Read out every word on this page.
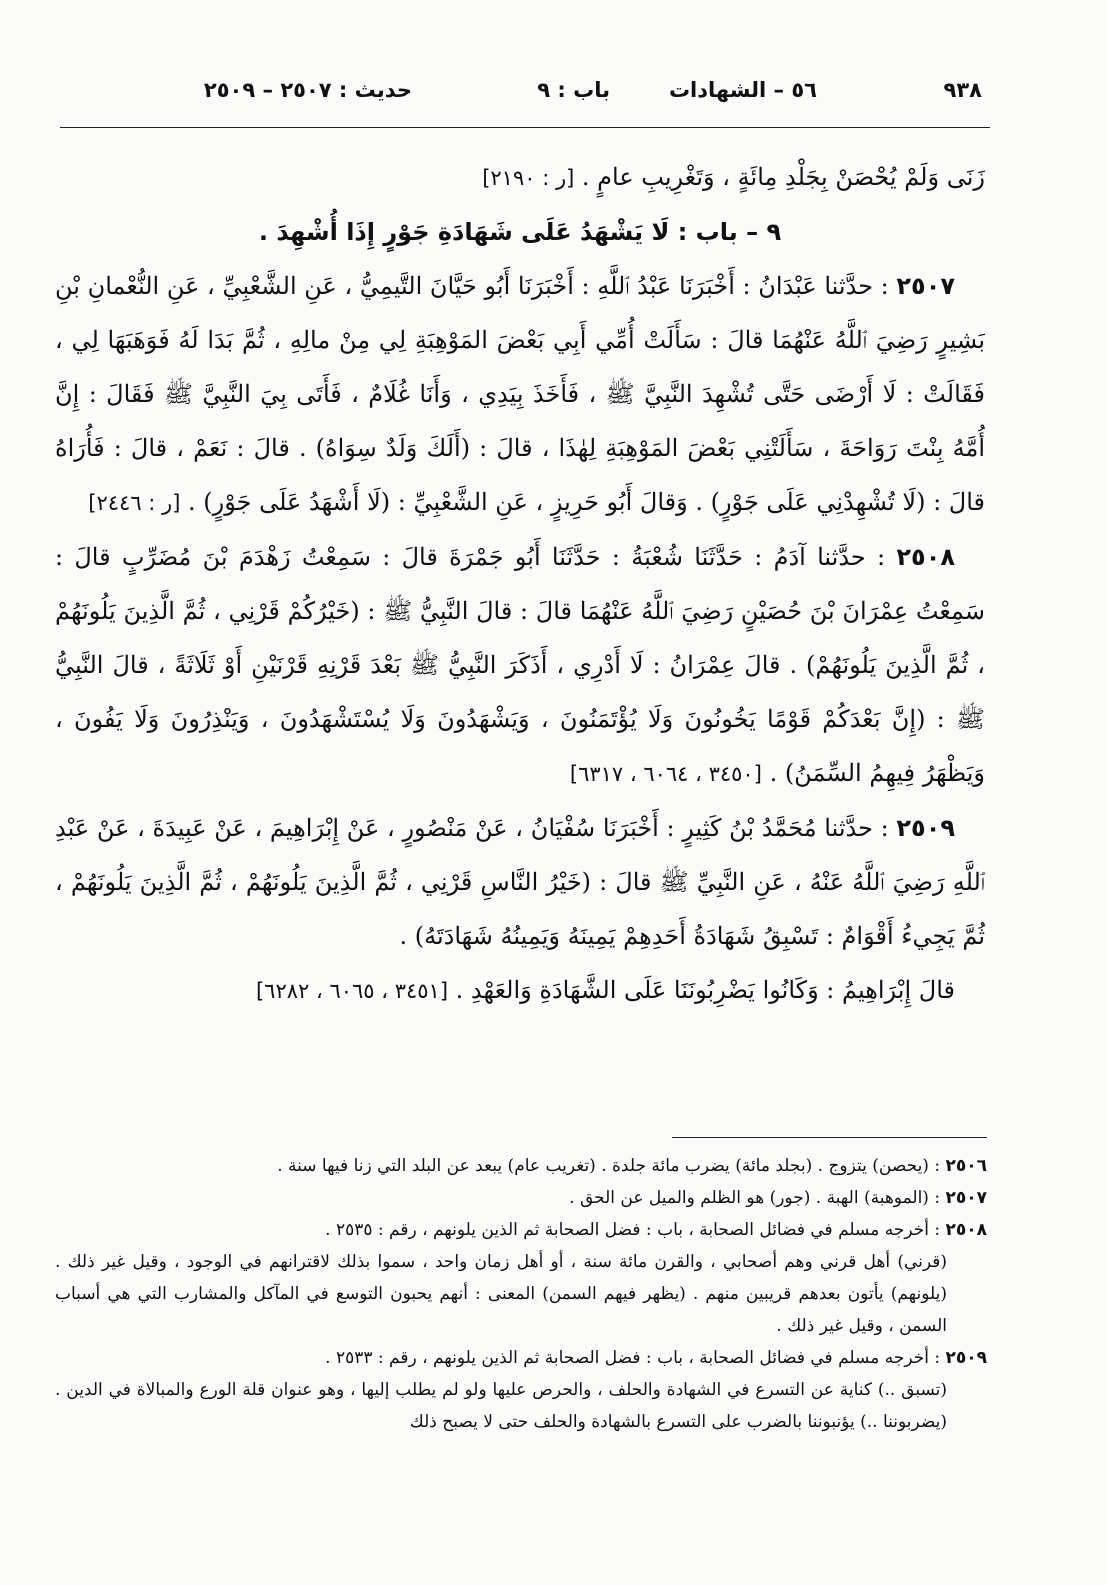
٩٣٨
٥٦ – الشهادات
باب : ٩
حديث : ٢٥٠٧ – ٢٥٠٩

زَنَى وَلَمْ يُحْصَنْ بِجَلْدِ مِائَةٍ ، وَتَغْرِيبِ عامٍ . [ر : ٢١٩٠]

٩ – باب : لَا يَشْهَدُ عَلَى شَهَادَةِ جَوْرٍ إِذَا أُشْهِدَ .

٢٥٠٧ : حدَّثنا عَبْدَانُ : أَخْبَرَنَا عَبْدُ ٱللَّهِ : أَخْبَرَنَا أَبُو حَيَّانَ التَّيمِيُّ ، عَنِ الشَّعْبِيِّ ، عَنِ النُّعْمانِ بْنِ بَشِيرٍ رَضِيَ ٱللَّهُ عَنْهُمَا قالَ : سَأَلَتْ أُمِّي أَبِي بَعْضَ المَوْهِبَةِ لِي مِنْ مالِهِ ، ثُمَّ بَدَا لَهُ فَوَهَبَهَا لِي ، فَقَالَتْ : لَا أَرْضَى حَتَّى تُشْهِدَ النَّبِيَّ ﷺ ، فَأَخَذَ بِيَدِي ، وَأَنَا غُلَامٌ ، فَأَتَى بِيَ النَّبِيَّ ﷺ فَقَالَ : إِنَّ أُمَّهُ بِنْتَ رَوَاحَةَ ، سَأَلَتْنِي بَعْضَ المَوْهِبَةِ لِهٰذَا ، قالَ : (أَلَكَ وَلَدٌ سِوَاهُ) . قالَ : نَعَمْ ، قالَ : فَأُرَاهُ قالَ : (لَا تُشْهِدْنِي عَلَى جَوْرٍ) . وَقالَ أَبُو حَرِيزٍ ، عَنِ الشَّعْبِيِّ : (لَا أَشْهَدُ عَلَى جَوْرٍ) . [ر : ٢٤٤٦]

٢٥٠٨ : حدَّثنا آدَمُ : حَدَّثَنَا شُعْبَةُ : حَدَّثَنَا أَبُو جَمْرَةَ قالَ : سَمِعْتُ زَهْدَمَ بْنَ مُضَرِّبٍ قالَ : سَمِعْتُ عِمْرَانَ بْنَ حُصَيْنٍ رَضِيَ ٱللَّهُ عَنْهُمَا قالَ : قالَ النَّبِيُّ ﷺ : (خَيْرُكُمْ قَرْنِي ، ثُمَّ الَّذِينَ يَلُونَهُمْ ، ثُمَّ الَّذِينَ يَلُونَهُمْ) . قالَ عِمْرَانُ : لَا أَدْرِي ، أَذَكَرَ النَّبِيُّ ﷺ بَعْدَ قَرْنِهِ قَرْنَيْنِ أَوْ ثَلَاثَةً ، قالَ النَّبِيُّ ﷺ : (إِنَّ بَعْدَكُمْ قَوْمًا يَخُونُونَ وَلَا يُؤْتَمَنُونَ ، وَيَشْهَدُونَ وَلَا يُسْتَشْهَدُونَ ، وَيَنْذِرُونَ وَلَا يَفُونَ ، وَيَظْهَرُ فِيهِمُ السِّمَنُ) . [٣٤٥٠ ، ٦٠٦٤ ، ٦٣١٧]

٢٥٠٩ : حدَّثنا مُحَمَّدُ بْنُ كَثِيرٍ : أَخْبَرَنَا سُفْيَانُ ، عَنْ مَنْصُورٍ ، عَنْ إِبْرَاهِيمَ ، عَنْ عَبِيدَةَ ، عَنْ عَبْدِ ٱللَّهِ رَضِيَ ٱللَّهُ عَنْهُ ، عَنِ النَّبِيِّ ﷺ قالَ : (خَيْرُ النَّاسِ قَرْنِي ، ثُمَّ الَّذِينَ يَلُونَهُمْ ، ثُمَّ الَّذِينَ يَلُونَهُمْ ، ثُمَّ يَجِيءُ أَقْوَامٌ : تَسْبِقُ شَهَادَةُ أَحَدِهِمْ يَمِينَهُ وَيَمِينُهُ شَهَادَتَهُ) .

قالَ إِبْرَاهِيمُ : وَكَانُوا يَضْرِبُونَنَا عَلَى الشَّهَادَةِ وَالعَهْدِ . [٣٤٥١ ، ٦٠٦٥ ، ٦٢٨٢]

٢٥٠٦ : (يحصن) يتزوج . (بجلد مائة) يضرب مائة جلدة . (تغريب عام) يبعد عن البلد التي زنا فيها سنة .

٢٥٠٧ : (الموهبة) الهبة . (جور) هو الظلم والميل عن الحق .

٢٥٠٨ : أخرجه مسلم في فضائل الصحابة ، باب : فضل الصحابة ثم الذين يلونهم ، رقم : ٢٥٣٥ .

(قرني) أهل قرني وهم أصحابي ، والقرن مائة سنة ، أو أهل زمان واحد ، سموا بذلك لاقترانهم في الوجود ، وقيل غير ذلك . (يلونهم) يأتون بعدهم قريبين منهم . (يظهر فيهم السمن) المعنى : أنهم يحبون التوسع في المآكل والمشارب التي هي أسباب السمن ، وقيل غير ذلك .

٢٥٠٩ : أخرجه مسلم في فضائل الصحابة ، باب : فضل الصحابة ثم الذين يلونهم ، رقم : ٢٥٣٣ .

(تسبق ..) كناية عن التسرع في الشهادة والحلف ، والحرص عليها ولو لم يطلب إليها ، وهو عنوان قلة الورع والمبالاة في الدين . (يضربوننا ..) يؤنبوننا بالضرب على التسرع بالشهادة والحلف حتى لا يصبح ذلك
